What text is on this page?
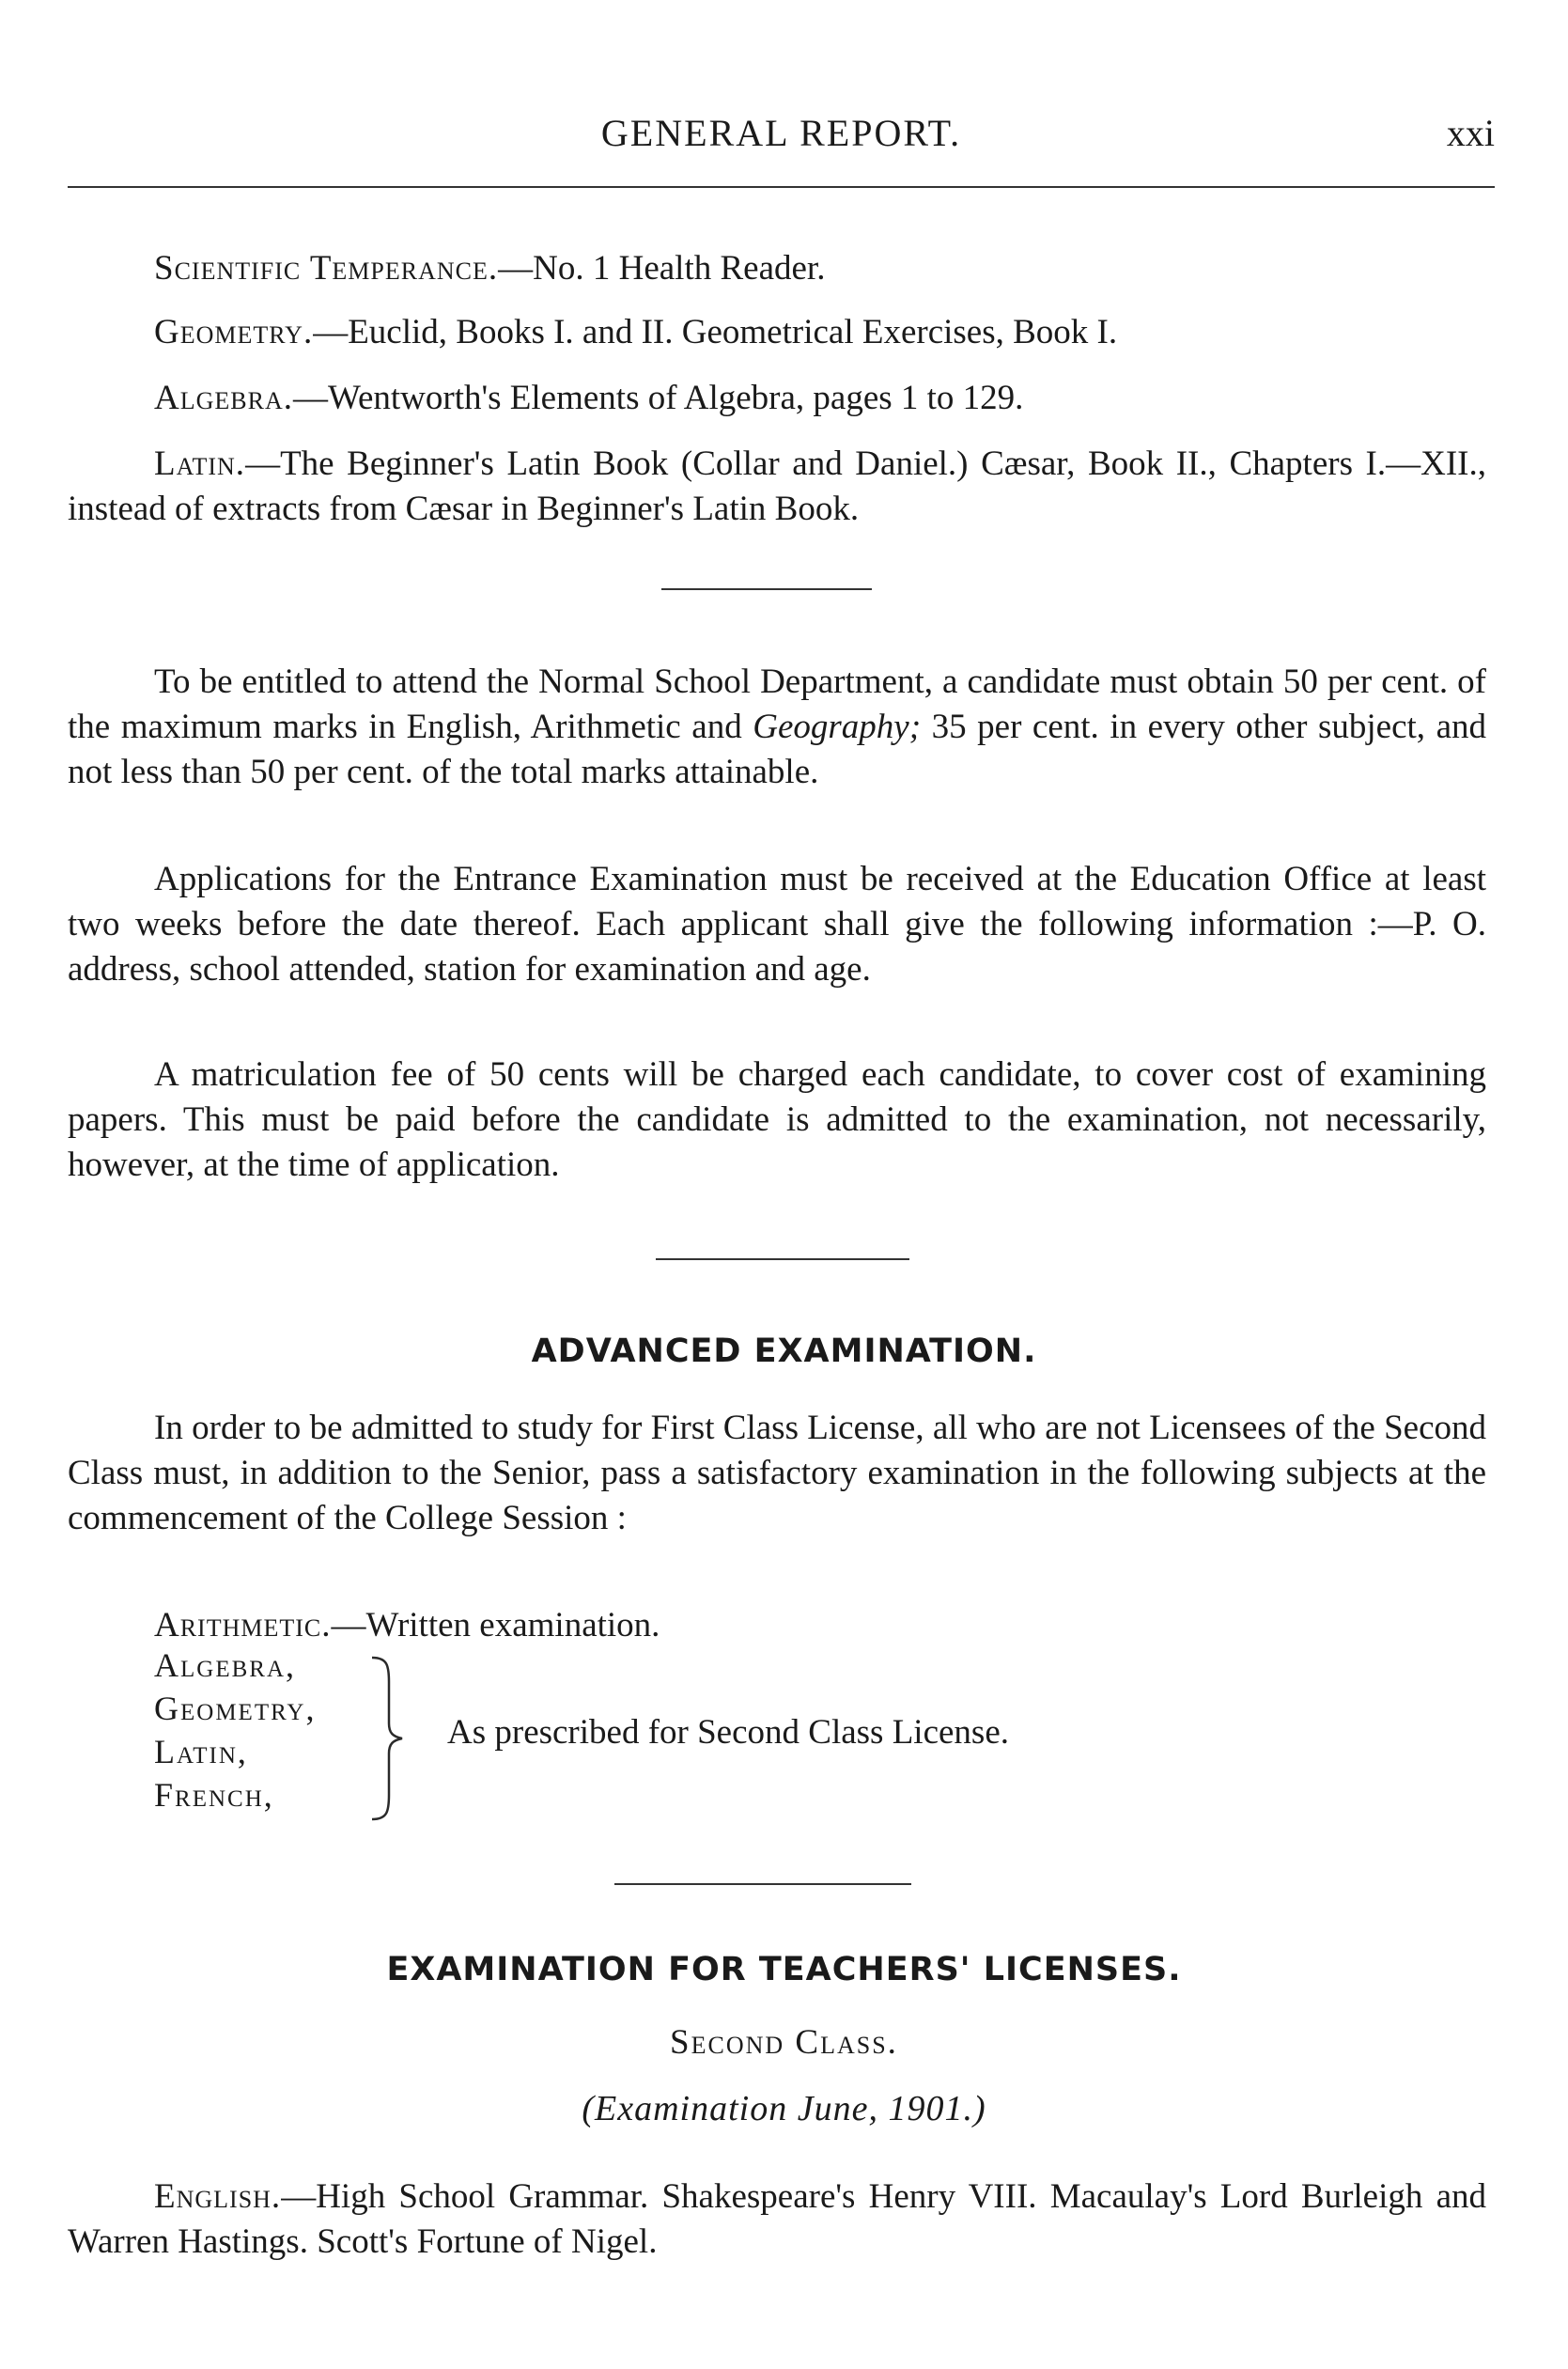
GENERAL REPORT.	xxi
Scientific Temperance.—No. 1 Health Reader.
Geometry.—Euclid, Books I. and II. Geometrical Exercises, Book I.
Algebra.—Wentworth's Elements of Algebra, pages 1 to 129.
Latin.—The Beginner's Latin Book (Collar and Daniel.) Cæsar, Book II., Chapters I.—XII., instead of extracts from Cæsar in Beginner's Latin Book.
To be entitled to attend the Normal School Department, a candidate must obtain 50 per cent. of the maximum marks in English, Arithmetic and Geography; 35 per cent. in every other subject, and not less than 50 per cent. of the total marks attainable.
Applications for the Entrance Examination must be received at the Education Office at least two weeks before the date thereof. Each applicant shall give the following information :—P. O. address, school attended, station for examination and age.
A matriculation fee of 50 cents will be charged each candidate, to cover cost of examining papers. This must be paid before the candidate is admitted to the examination, not necessarily, however, at the time of application.
ADVANCED EXAMINATION.
In order to be admitted to study for First Class License, all who are not Licensees of the Second Class must, in addition to the Senior, pass a satisfactory examination in the following subjects at the commencement of the College Session :
Arithmetic.—Written examination.
Algebra,
Geometry,
Latin,
French,
As prescribed for Second Class License.
EXAMINATION FOR TEACHERS' LICENSES.
Second Class.
(Examination June, 1901.)
English.—High School Grammar. Shakespeare's Henry VIII. Macaulay's Lord Burleigh and Warren Hastings. Scott's Fortune of Nigel.
